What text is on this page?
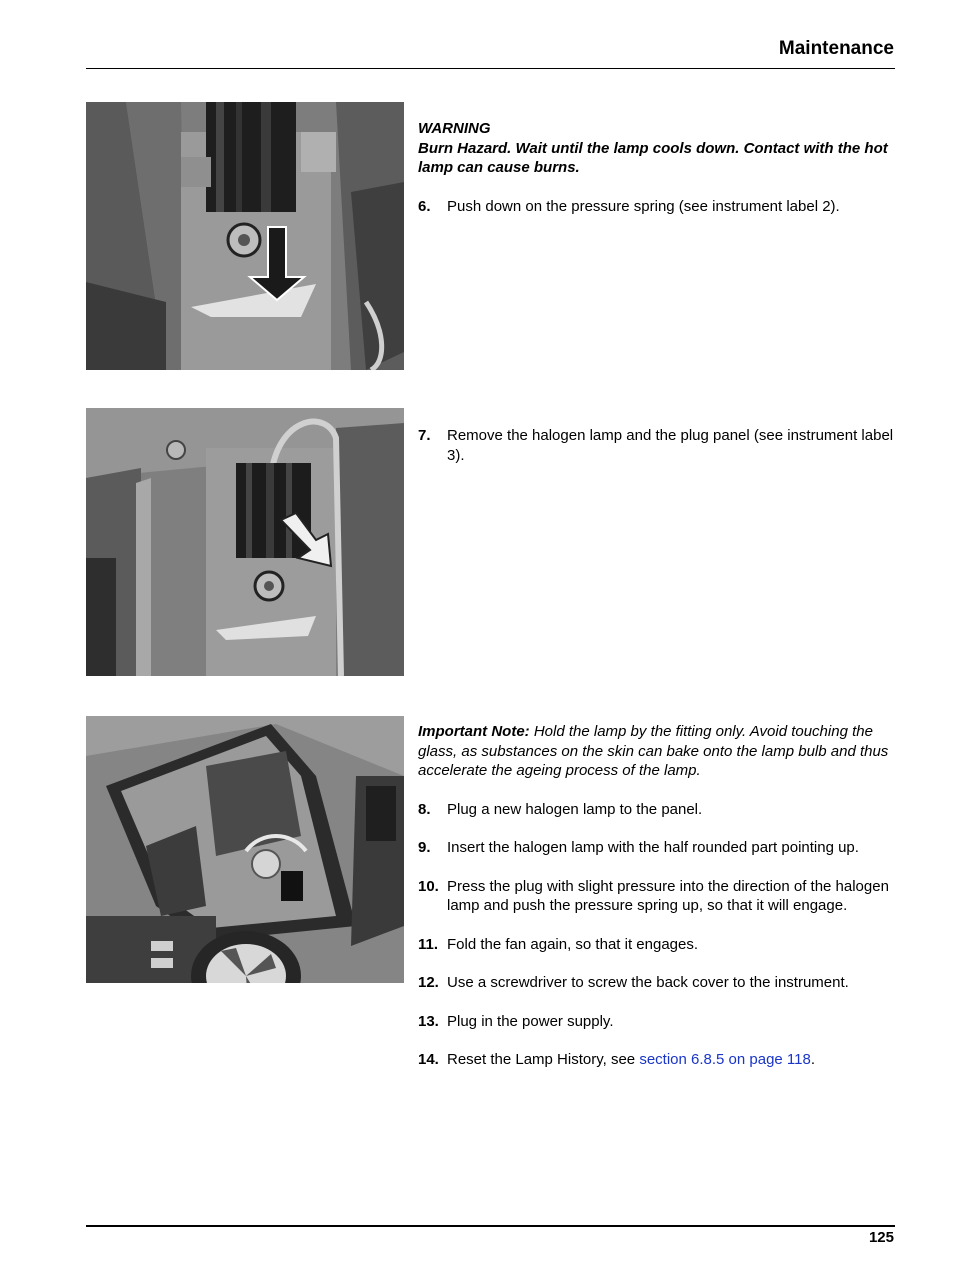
Maintenance
WARNING
Burn Hazard. Wait until the lamp cools down. Contact with the hot lamp can cause burns.
6.	Push down on the pressure spring (see instrument label 2).
7.	Remove the halogen lamp and the plug panel (see instrument label 3).
Important Note: Hold the lamp by the fitting only. Avoid touching the glass, as substances on the skin can bake onto the lamp bulb and thus accelerate the ageing process of the lamp.
8.	Plug a new halogen lamp to the panel.
9.	Insert the halogen lamp with the half rounded part pointing up.
10. Press the plug with slight pressure into the direction of the halogen lamp and push the pressure spring up, so that it will engage.
11. Fold the fan again, so that it engages.
12. Use a screwdriver to screw the back cover to the instrument.
13. Plug in the power supply.
14. Reset the Lamp History, see section 6.8.5 on page 118.
125
